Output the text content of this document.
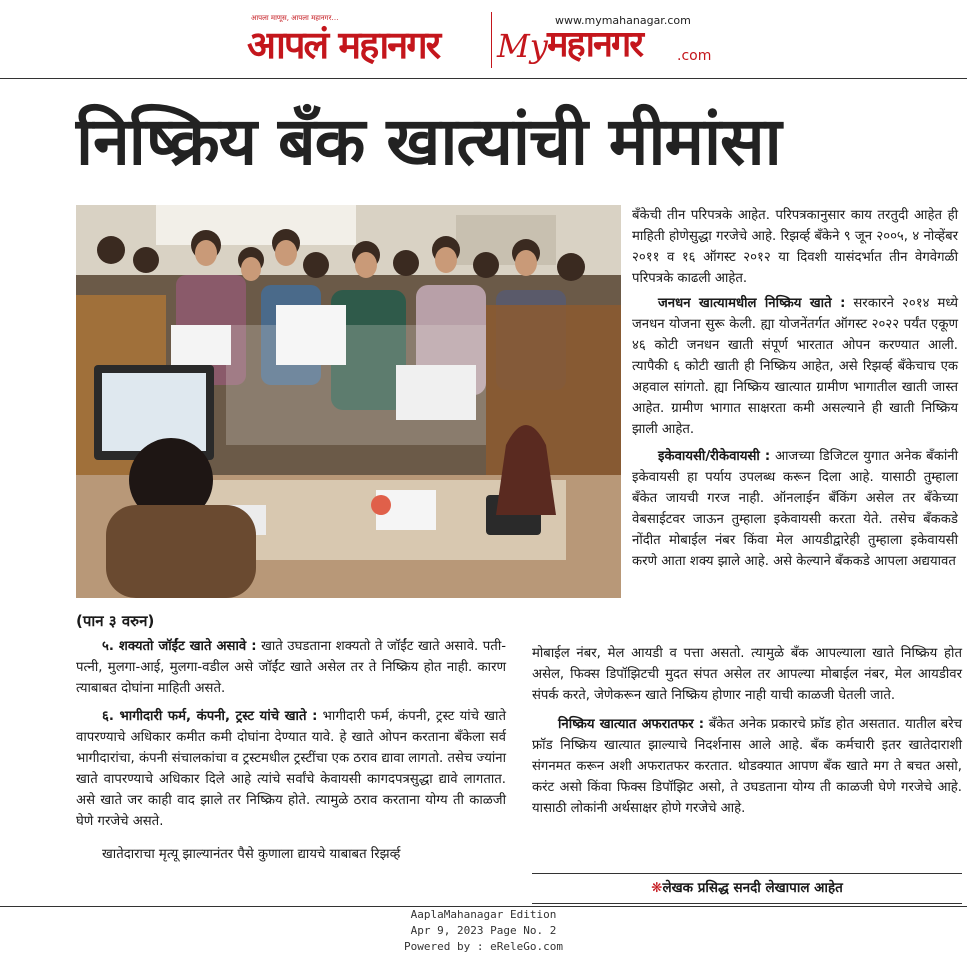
आपला माणूस, आपला महानगर…
आपलं महानगर
www.mymahanagar.com
My महानगर	.com
निष्क्रिय बँक खात्यांची मीमांसा

(पान ३ वरुन)

५. शक्यतो जॉईंट खाते असावे : खाते उघडताना शक्यतो ते जॉईंट खाते असावे. पती-पत्नी, मुलगा-आई, मुलगा-वडील असे जॉईंट खाते असेल तर ते निष्क्रिय होत नाही. कारण त्याबाबत दोघांना माहिती असते.

६. भागीदारी फर्म, कंपनी, ट्रस्ट यांचे खाते : भागीदारी फर्म, कंपनी, ट्रस्ट यांचे खाते वापरण्याचे अधिकार कमीत कमी दोघांना देण्यात यावे. हे खाते ओपन करताना बँकेला सर्व भागीदारांचा, कंपनी संचालकांचा व ट्रस्टमधील ट्रस्टींचा एक ठराव द्यावा लागतो. तसेच ज्यांना खाते वापरण्याचे अधिकार दिले आहे त्यांचे सर्वांचे केवायसी कागदपत्रसुद्धा द्यावे लागतात. असे खाते जर काही वाद झाले तर निष्क्रिय होते. त्यामुळे ठराव करताना योग्य ती काळजी घेणे गरजेचे असते.

खातेदाराचा मृत्यू झाल्यानंतर पैसे कुणाला द्यायचे याबाबत रिझर्व्ह

बँकेची तीन परिपत्रके आहेत. परिपत्रकानुसार काय तरतुदी आहेत ही माहिती होणेसुद्धा गरजेचे आहे. रिझर्व्ह बँकेने ९ जून २००५, ४ नोव्हेंबर २०११ व १६ ऑगस्ट २०१२ या दिवशी यासंदर्भात तीन वेगवेगळी परिपत्रके काढली आहेत.

जनधन खात्यामधील निष्क्रिय खाते : सरकारने २०१४ मध्ये जनधन योजना सुरू केली. ह्या योजनेंतर्गत ऑगस्ट २०२२ पर्यंत एकूण ४६ कोटी जनधन खाती संपूर्ण भारतात ओपन करण्यात आली. त्यापैकी ६ कोटी खाती ही निष्क्रिय आहेत, असे रिझर्व्ह बँकेचाच एक अहवाल सांगतो. ह्या निष्क्रिय खात्यात ग्रामीण भागातील खाती जास्त आहेत. ग्रामीण भागात साक्षरता कमी असल्याने ही खाती निष्क्रिय झाली आहेत.

इकेवायसी/रीकेवायसी : आजच्या डिजिटल युगात अनेक बँकांनी इकेवायसी हा पर्याय उपलब्ध करून दिला आहे. यासाठी तुम्हाला बँकेत जायची गरज नाही. ऑनलाईन बँकिंग असेल तर बँकेच्या वेबसाईटवर जाऊन तुम्हाला इकेवायसी करता येते. तसेच बँककडे नोंदीत मोबाईल नंबर किंवा मेल आयडीद्वारेही तुम्हाला इकेवायसी करणे आता शक्य झाले आहे. असे केल्याने बँककडे आपला अद्ययावत

मोबाईल नंबर, मेल आयडी व पत्ता असतो. त्यामुळे बँक आपल्याला खाते निष्क्रिय होत असेल, फिक्स डिपॉझिटची मुदत संपत असेल तर आपल्या मोबाईल नंबर, मेल आयडीवर संपर्क करते, जेणेकरून खाते निष्क्रिय होणार नाही याची काळजी घेतली जाते.

निष्क्रिय खात्यात अफरातफर : बँकेत अनेक प्रकारचे फ्रॉड होत असतात. यातील बरेच फ्रॉड निष्क्रिय खात्यात झाल्याचे निदर्शनास आले आहे. बँक कर्मचारी इतर खातेदाराशी संगनमत करून अशी अफरातफर करतात. थोडक्यात आपण बँक खाते मग ते बचत असो, करंट असो किंवा फिक्स डिपॉझिट असो, ते उघडताना योग्य ती काळजी घेणे गरजेचे आहे. यासाठी लोकांनी अर्थसाक्षर होणे गरजेचे आहे.

❋लेखक प्रसिद्ध सनदी लेखापाल आहेत
AaplaMahanagar Edition
Apr 9, 2023 Page No. 2
Powered by : eReleGo.com
